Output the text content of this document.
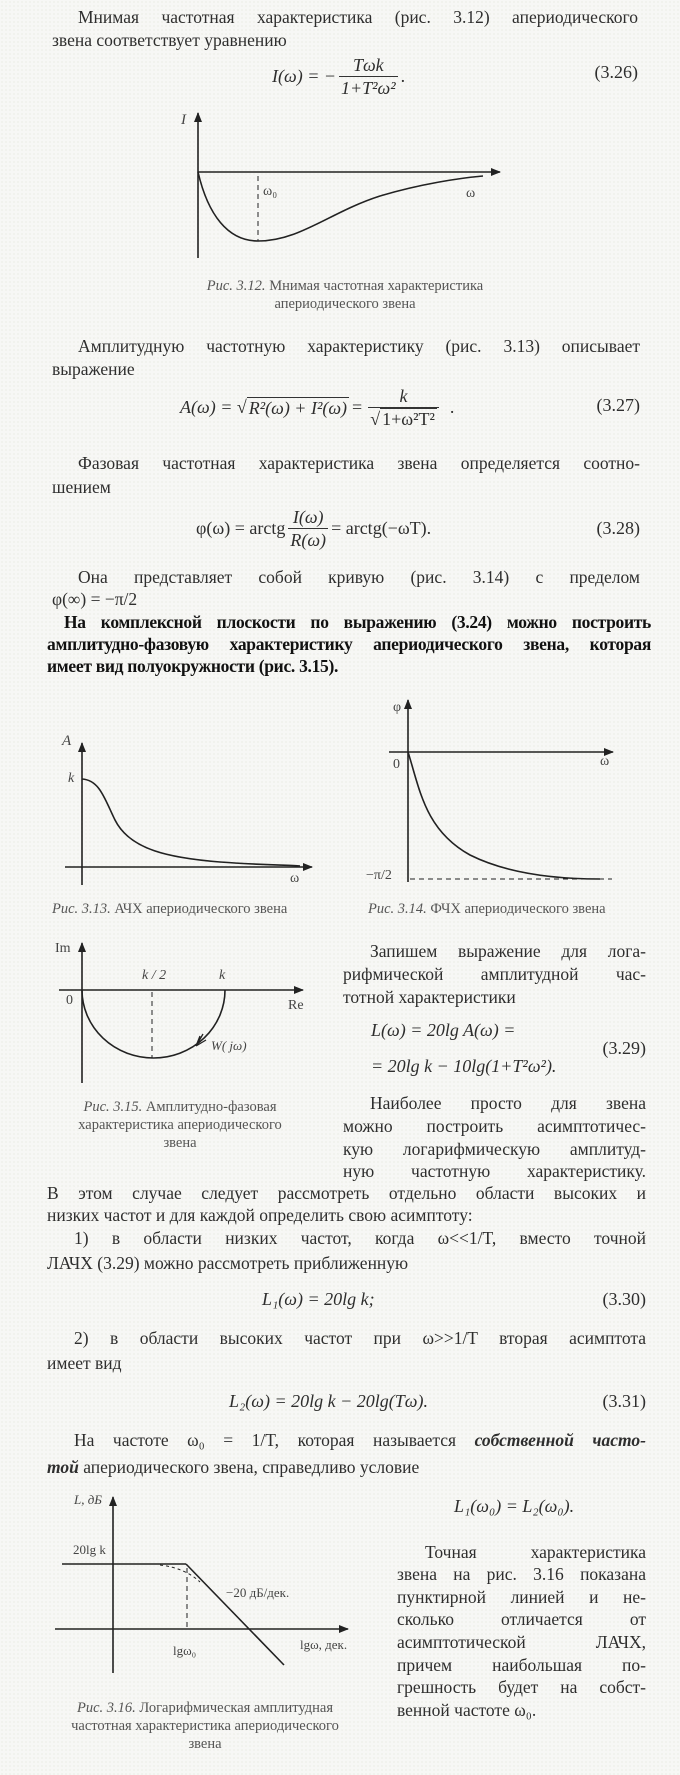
Мнимая частотная характеристика (рис. 3.12) апериодического
звена соответствует уравнению
I(ω) = − $\frac{\text{Tωk}}{\text{1+T²ω²}}$ .	(3.26)
I
ω₀	ω
Рис. 3.12. Мнимая частотная характеристика
апериодического звена
Амплитудную частотную характеристику (рис. 3.13) описывает
выражение
A(ω) = √ $R^2(\omega) + I^2(\omega) = \frac{k}{\text{√ 1+ω²T²}}$ .	(3.27)
Фазовая частотная характеристика звена определяется соотно-
шением
φ(ω) = arctg $\frac{I(\omega)}{R(\omega)}$ = arctg(−ωT).	(3.28)
Она представляет собой кривую (рис. 3.14) с пределом
φ(∞) = −π/2
На комплексной плоскости по выражению (3.24) можно построить
амплитудно-фазовую характеристику апериодического звена, которая
имеет вид полуокружности (рис. 3.15).
A
k
ω
Рис. 3.13. АЧХ апериодического звена
φ
0	ω
−π/2
Рис. 3.14. ФЧХ апериодического звена
Im
0
k / 2	k
Re
W( jω)
Рис. 3.15. Амплитудно-фазовая
характеристика апериодического
звена
Запишем выражение для лога-
рифмической амплитудной час-
тотной характеристики
L(ω) = 20lg A(ω) =
= 20lg k − 10lg(1+T²ω²).
(3.29)
Наиболее просто для звена
можно построить асимптотичес-
кую логарифмическую амплитуд-
ную частотную характеристику.
В этом случае следует рассмотреть отдельно области высоких и
низких частот и для каждой определить свою асимптоту:
1) в области низких частот, когда ω<<1/T, вместо точной
ЛАЧХ (3.29) можно рассмотреть приближенную
L₁(ω) = 20lg k;	(3.30)
2) в области высоких частот при ω>>1/T вторая асимптота
имеет вид
L₂(ω) = 20lg k − 20lg(Tω).	(3.31)
На частоте ω₀ = 1/T, которая называется собственной часто-
той апериодического звена, справедливо условие
L, дБ
20lg k
−20 дБ/дек.
lgω, дек.
lgω₀
Рис. 3.16. Логарифмическая амплитудная
частотная характеристика апериодического
звена
L₁(ω₀) = L₂(ω₀).
Точная характеристика
звена на рис. 3.16 показана
пунктирной линией и не-
сколько отличается от
асимптотической ЛАЧХ,
причем наибольшая по-
грешность будет на собст-
венной частоте ω₀.
